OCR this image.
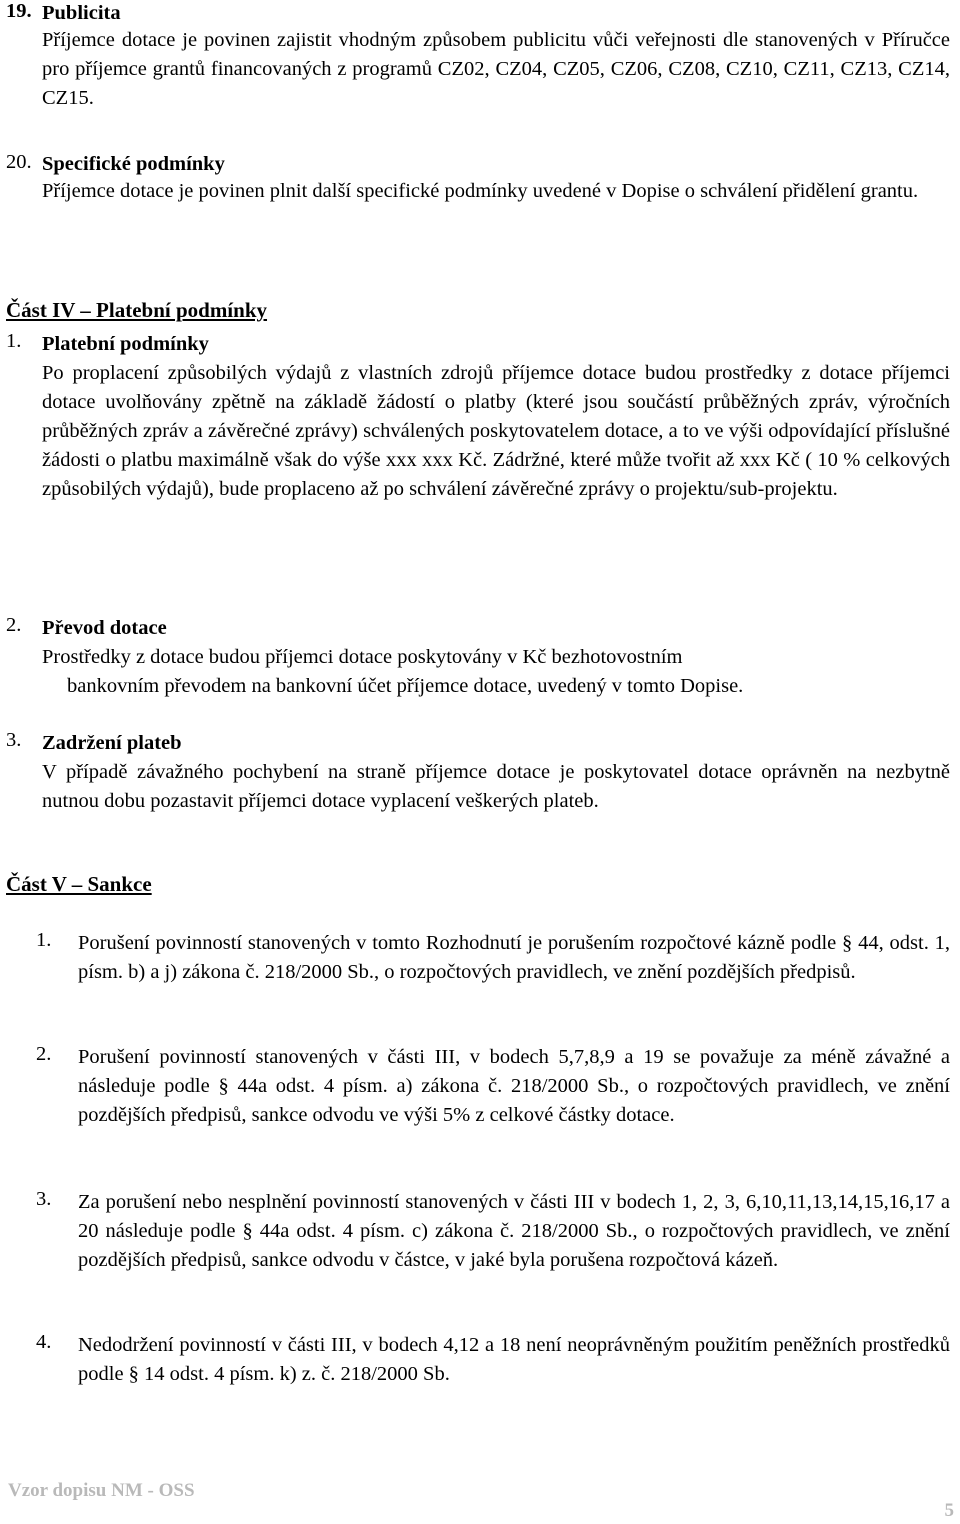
19. Publicita

Příjemce dotace je povinen zajistit vhodným způsobem publicitu vůči veřejnosti dle stanovených v Příručce pro příjemce grantů financovaných z programů CZ02, CZ04, CZ05, CZ06, CZ08, CZ10, CZ11, CZ13, CZ14, CZ15.

20. Specifické podmínky

Příjemce dotace je povinen plnit další specifické podmínky uvedené v Dopise o schválení přidělení grantu.

Část IV – Platební podmínky
1. Platební podmínky

Po proplacení způsobilých výdajů z vlastních zdrojů příjemce dotace budou prostředky z dotace příjemci dotace uvolňovány zpětně na základě žádostí o platby (které jsou součástí průběžných zpráv, výročních průběžných zpráv a závěrečné zprávy) schválených poskytovatelem dotace, a to ve výši odpovídající příslušné žádosti o platbu maximálně však do výše xxx xxx Kč. Zádržné, které může tvořit až xxx Kč ( 10 % celkových způsobilých výdajů), bude proplaceno až po schválení závěrečné zprávy o projektu/sub-projektu.

2. Převod dotace

Prostředky z dotace budou příjemci dotace poskytovány v Kč bezhotovostním

bankovním převodem na bankovní účet příjemce dotace, uvedený v tomto Dopise.

3. Zadržení plateb

V případě závažného pochybení na straně příjemce dotace je poskytovatel dotace oprávněn na nezbytně nutnou dobu pozastavit příjemci dotace vyplacení veškerých plateb.

Část V – Sankce
1. Porušení povinností stanovených v tomto Rozhodnutí je porušením rozpočtové kázně podle § 44, odst. 1, písm. b) a j) zákona č. 218/2000 Sb., o rozpočtových pravidlech, ve znění pozdějších předpisů.
2. Porušení povinností stanovených v části III, v bodech 5,7,8,9 a 19 se považuje za méně závažné a následuje podle § 44a odst. 4 písm. a) zákona č. 218/2000 Sb., o rozpočtových pravidlech, ve znění pozdějších předpisů, sankce odvodu ve výši 5% z celkové částky dotace.
3. Za porušení nebo nesplnění povinností stanovených v části III v bodech 1, 2, 3, 6,10,11,13,14,15,16,17 a 20 následuje podle § 44a odst. 4 písm. c) zákona č. 218/2000 Sb., o rozpočtových pravidlech, ve znění pozdějších předpisů, sankce odvodu v částce, v jaké byla porušena rozpočtová kázeň.
4. Nedodržení povinností v části III, v bodech 4,12 a 18 není neoprávněným použitím peněžních prostředků podle § 14 odst. 4 písm. k) z. č. 218/2000 Sb.
Vzor dopisu NM - OSS
5
